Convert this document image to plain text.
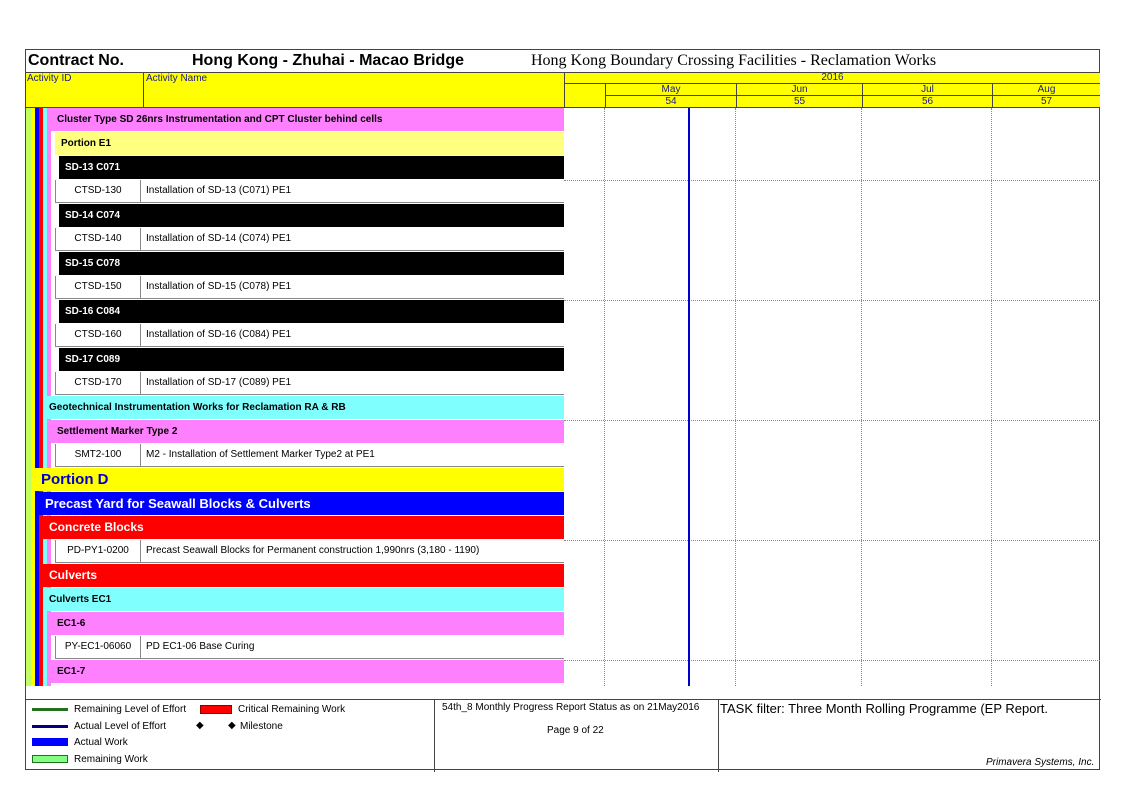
Contract No.	Hong Kong - Zhuhai - Macao Bridge	Hong Kong Boundary Crossing Facilities - Reclamation Works
Activity ID	Activity Name	2016
May	Jun	Jul	Aug
54	55	56	57
Cluster Type SD 26nrs Instrumentation and CPT Cluster behind cells
Portion E1
SD-13 C071
CTSD-130	Installation of SD-13 (C071) PE1
SD-14 C074
CTSD-140	Installation of SD-14 (C074) PE1
SD-15 C078
CTSD-150	Installation of SD-15 (C078) PE1
SD-16 C084
CTSD-160	Installation of SD-16 (C084) PE1
SD-17 C089
CTSD-170	Installation of SD-17 (C089) PE1
Geotechnical Instrumentation Works for Reclamation RA & RB
Settlement Marker Type 2
SMT2-100	M2 - Installation of Settlement Marker Type2 at PE1
Portion D
Precast Yard for Seawall Blocks & Culverts
Concrete Blocks
PD-PY1-0200	Precast Seawall Blocks for Permanent construction 1,990nrs (3,180 - 1190)
Culverts
Culverts EC1
EC1-6
PY-EC1-06060	PD EC1-06 Base Curing
EC1-7
Remaining Level of Effort	Critical Remaining Work
Actual Level of Effort	◆ ◆ Milestone
Actual Work
Remaining Work
54th_8 Monthly Progress Report Status as on 21May2016
Page 9 of 22
TASK filter: Three Month Rolling Programme (EP Report.
Primavera Systems, Inc.
